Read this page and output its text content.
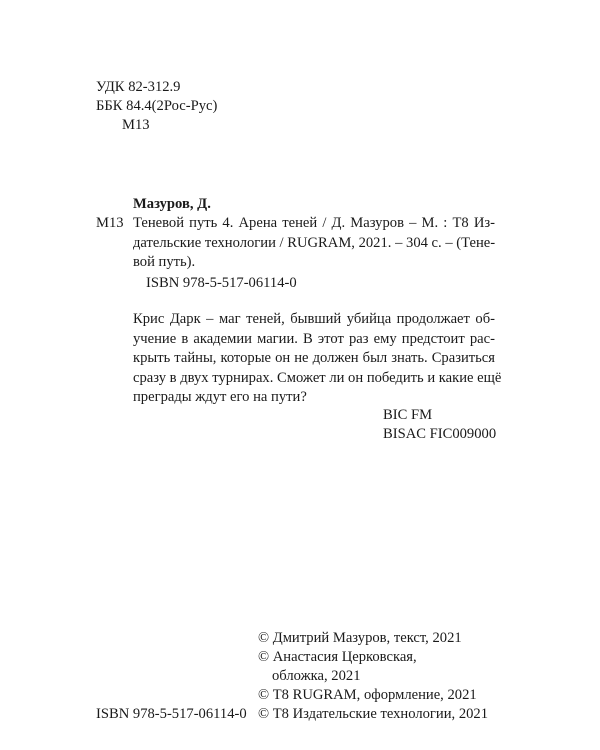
УДК 82-312.9
ББК 84.4(2Рос-Рус)
М13
Мазуров, Д.
М13 Теневой путь 4. Арена теней / Д. Мазуров – М. : Т8 Из-
дательские технологии / RUGRAM, 2021. – 304 с. – (Тене-
вой путь).
ISBN 978-5-517-06114-0
Крис Дарк – маг теней, бывший убийца продолжает об-
учение в академии магии. В этот раз ему предстоит рас-
крыть тайны, которые он не должен был знать. Сразиться
сразу в двух турнирах. Сможет ли он победить и какие ещё
преграды ждут его на пути?
BIC FM
BISAC FIC009000
© Дмитрий Мазуров, текст, 2021
© Анастасия Церковская,
обложка, 2021
© Т8 RUGRAM, оформление, 2021
ISBN 978-5-517-06114-0 © Т8 Издательские технологии, 2021
